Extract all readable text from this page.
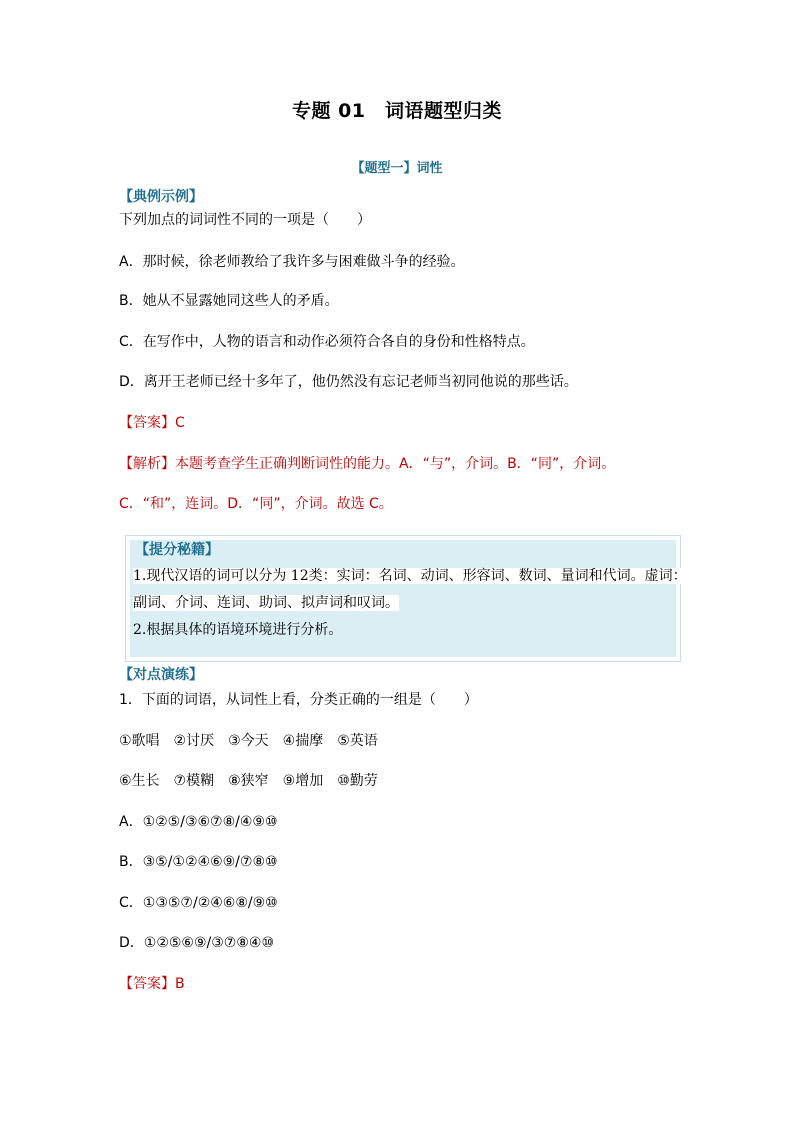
专题 01　词语题型归类
【题型一】词性
【典例示例】
下列加点的词词性不同的一项是（　　）
A．那时候，徐老师教给了我许多与困难做斗争的经验。
B．她从不显露她同这些人的矛盾。
C．在写作中，人物的语言和动作必须符合各自的身份和性格特点。
D．离开王老师已经十多年了，他仍然没有忘记老师当初同他说的那些话。
【答案】C
【解析】本题考查学生正确判断词性的能力。A．“与”，介词。B．“同”，介词。
C．“和”，连词。D．“同”，介词。故选 C。
【提分秘籍】
1.现代汉语的词可以分为 12类：实词：名词、动词、形容词、数词、量词和代词。虚词：
副词、介词、连词、助词、拟声词和叹词。
2.根据具体的语境环境进行分析。
【对点演练】
1．下面的词语，从词性上看，分类正确的一组是（　　）
①歌唱　②讨厌　③今天　④揣摩　⑤英语
⑥生长　⑦模糊　⑧狭窄　⑨增加　⑩勤劳
A．①②⑤/③⑥⑦⑧/④⑨⑩
B．③⑤/①②④⑥⑨/⑦⑧⑩
C．①③⑤⑦/②④⑥⑧/⑨⑩
D．①②⑤⑥⑨/③⑦⑧④⑩
【答案】B
